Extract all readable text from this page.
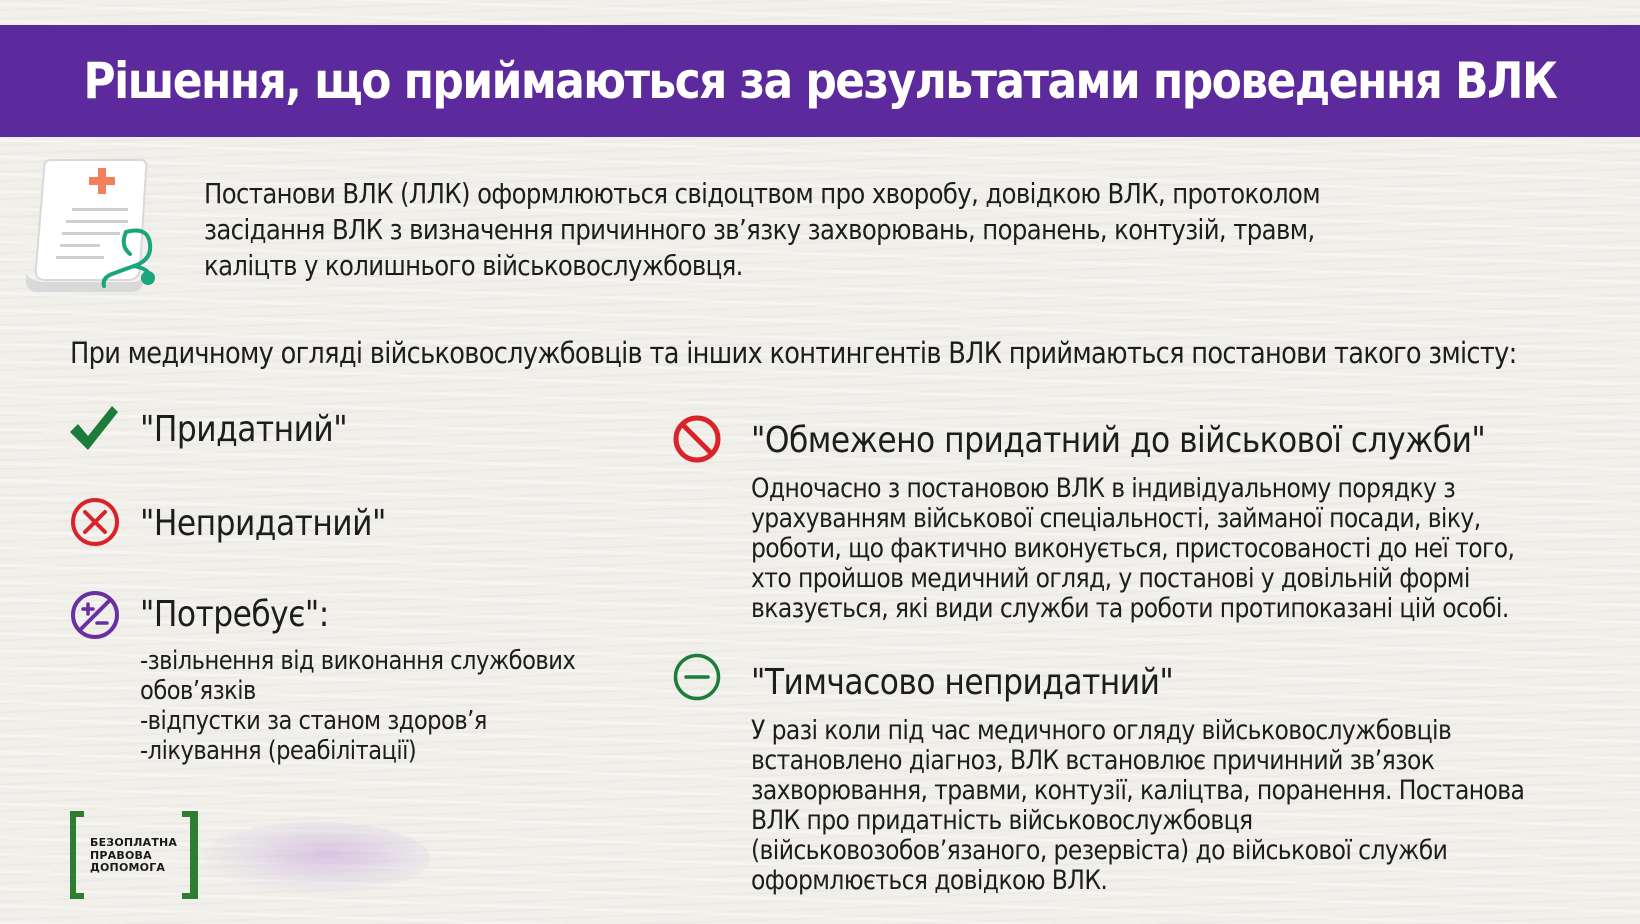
Рішення, що приймаються за результатами проведення ВЛК
Постанови ВЛК (ЛЛК) оформлюються свідоцтвом про хворобу, довідкою ВЛК, протоколом засідання ВЛК з визначення причинного зв’язку захворювань, поранень, контузій, травм, каліцтв у колишнього військовослужбовця.
При медичному огляді військовослужбовців та інших контингентів ВЛК приймаються постанови такого змісту:
"Придатний"
"Непридатний"
"Потребує":
-звільнення від виконання службових обов’язків
-відпустки за станом здоров’я
-лікування (реабілітації)
"Обмежено придатний до військової служби"
Одночасно з постановою ВЛК в індивідуальному порядку з урахуванням військової спеціальності, займаної посади, віку, роботи, що фактично виконується, пристосованості до неї того, хто пройшов медичний огляд, у постанові у довільній формі вказується, які види служби та роботи протипоказані цій особі.
"Тимчасово непридатний"
У разі коли під час медичного огляду військовослужбовців встановлено діагноз, ВЛК встановлює причинний зв’язок захворювання, травми, контузії, каліцтва, поранення. Постанова ВЛК про придатність військовослужбовця (військовозобов’язаного, резервіста) до військової служби оформлюється довідкою ВЛК.
БЕЗОПЛАТНА
ПРАВОВА
ДОПОМОГА
